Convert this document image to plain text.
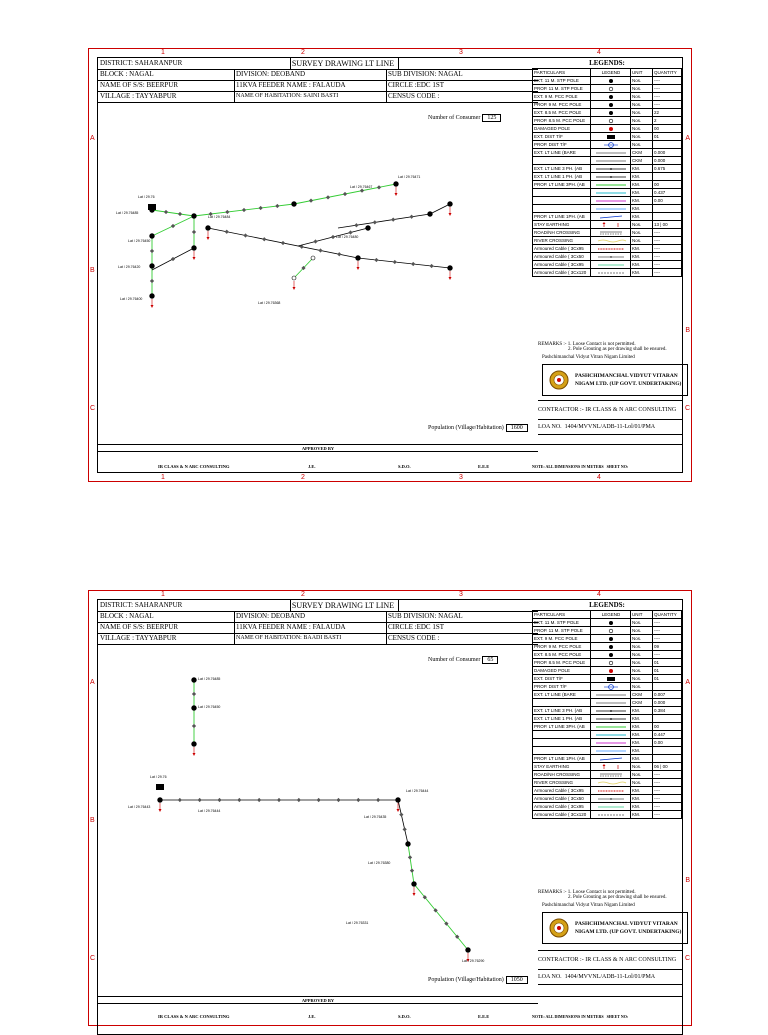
1	2	3	4
1	2	3	4
A
B
C
A
B
C
DISTRICT: SAHARANPUR	SURVEY DRAWING LT LINE
BLOCK : NAGAL	DIVISION: DEOBAND	SUB DIVISION: NAGAL
NAME OF S/S: BEERPUR	11KVA FEEDER NAME : FALAUDA	CIRCLE :EDC 1ST
VILLAGE : TAYYABPUR	NAME OF HABITATION: SAINI BASTI	CENSUS CODE :
Number of Consumer 125
Lat / 29.76
Lat / 29.76485
Lat / 29.76450
Lat / 29.76420
Lat / 29.76400
Lat / 29.76484
Lat / 29.76480
Lat / 29.76471
Lat / 29.76368
Lat / 29.76467
LEGENDS:
PARTICULARS	LEGEND	UNIT	QUANTITY
EXT. 11 M. STP POLE	Nos.	----
PROP. 11 M. STP POLE	Nos.	----
EXT. 9 M. PCC POLE	Nos.	----
PROP. 9 M. PCC POLE	Nos.	----
EXT. 8.5 M. PCC POLE	Nos.	22
PROP. 8.5 M. PCC POLE	Nos.	2
DAMAGED POLE	Nos.	00
EXT. DIST T/F	Nos.	01
PROP. DIST T/F	Nos.
EXT. LT LINE (BARE	CKM	0.000
CKM	0.000
EXT. LT LINE 3 PH. (AB	KM.	0.675
EXT. LT LINE 1 PH. (AB	KM.
PROP. LT LINE 3PH. (AB	KM.	00
KM.	0.437
KM.	0.00
KM.
PROP. LT LINE 1PH. (AB	KM.
STAY EARTHING	Nos.	13 | 00
ROAD/NH CROSSING	Nos.	----
RIVER CROSSING	Nos.	----
Armoured Cable ( 3Cx95	KM.	----
Armoured Cable ( 3Cx50	KM.	----
Armoured Cable ( 3Cx95	KM.	----
Armoured Cable ( 3Cx120	KM.	----
REMARKS :- 1. Loose Contact is not permitted.
2. Pole Grouting as per drawing shall be ensured.
Pashchimanchal Vidyut Vitran Nigam Limited
PASHCHIMANCHAL VIDYUT VITARAN
NIGAM LTD. (UP GOVT. UNDERTAKING)
CONTRACTOR :- IR CLASS & N ARC CONSULTING
LOA NO. 1404/MVVNL/ADB-11-Lol/01/PMA
Population (Village/Habitation) 1600
APPROVED BY
IR CLASS & N ARC CONSULTING	J.E.	S.D.O.	E.E.E	NOTE: ALL DIMENSIONS IN METERS SHEET NO:
1	2	3	4
A
B
C
A
B
C
DISTRICT: SAHARANPUR	SURVEY DRAWING LT LINE
BLOCK : NAGAL	DIVISION: DEOBAND	SUB DIVISION: NAGAL
NAME OF S/S: BEERPUR	11KVA FEEDER NAME : FALAUDA	CIRCLE :EDC 1ST
VILLAGE : TAYYABPUR	NAME OF HABITATION: BAADI BASTI	CENSUS CODE :
Number of Consumer 65
Lat / 29.76485
Lat / 29.76450
Lat / 29.76
Lat / 29.76443
Lat / 29.76444
Lat / 29.76444
Lat / 29.76435
Lat / 29.76380
Lat / 29.76331
Lat / 29.76290
LEGENDS:
PARTICULARS	LEGEND	UNIT	QUANTITY
EXT. 11 M. STP POLE	Nos.	----
PROP. 11 M. STP POLE	Nos.	----
EXT. 9 M. PCC POLE	Nos.	----
PROP. 9 M. PCC POLE	Nos.	09
EXT. 8.5 M. PCC POLE	Nos.	----
PROP. 8.5 M. PCC POLE	Nos.	01
DAMAGED POLE	Nos.	01
EXT. DIST T/F	Nos.	01
PROP. DIST T/F	Nos.
EXT. LT LINE (BARE	CKM	0.007
CKM	0.000
EXT. LT LINE 3 PH. (AB	KM.	0.384
EXT. LT LINE 1 PH. (AB	KM.
PROP. LT LINE 3PH. (AB	KM.	00
KM.	0.447
KM.	0.00
KM.
PROP. LT LINE 1PH. (AB	KM.
STAY EARTHING	Nos.	06 | 00
ROAD/NH CROSSING	Nos.	----
RIVER CROSSING	Nos.	----
Armoured Cable ( 3Cx95	KM.	----
Armoured Cable ( 3Cx50	KM.	----
Armoured Cable ( 3Cx95	KM.	----
Armoured Cable ( 3Cx120	KM.	----
REMARKS :- 1. Loose Contact is not permitted.
2. Pole Grouting as per drawing shall be ensured.
Pashchimanchal Vidyut Vitran Nigam Limited
PASHCHIMANCHAL VIDYUT VITARAN
NIGAM LTD. (UP GOVT. UNDERTAKING)
CONTRACTOR :- IR CLASS & N ARC CONSULTING
LOA NO. 1404/MVVNL/ADB-11-Lol/01/PMA
Population (Village/Habitation) 1050
APPROVED BY
IR CLASS & N ARC CONSULTING	J.E.	S.D.O.	E.E.E	NOTE: ALL DIMENSIONS IN METERS SHEET NO:
